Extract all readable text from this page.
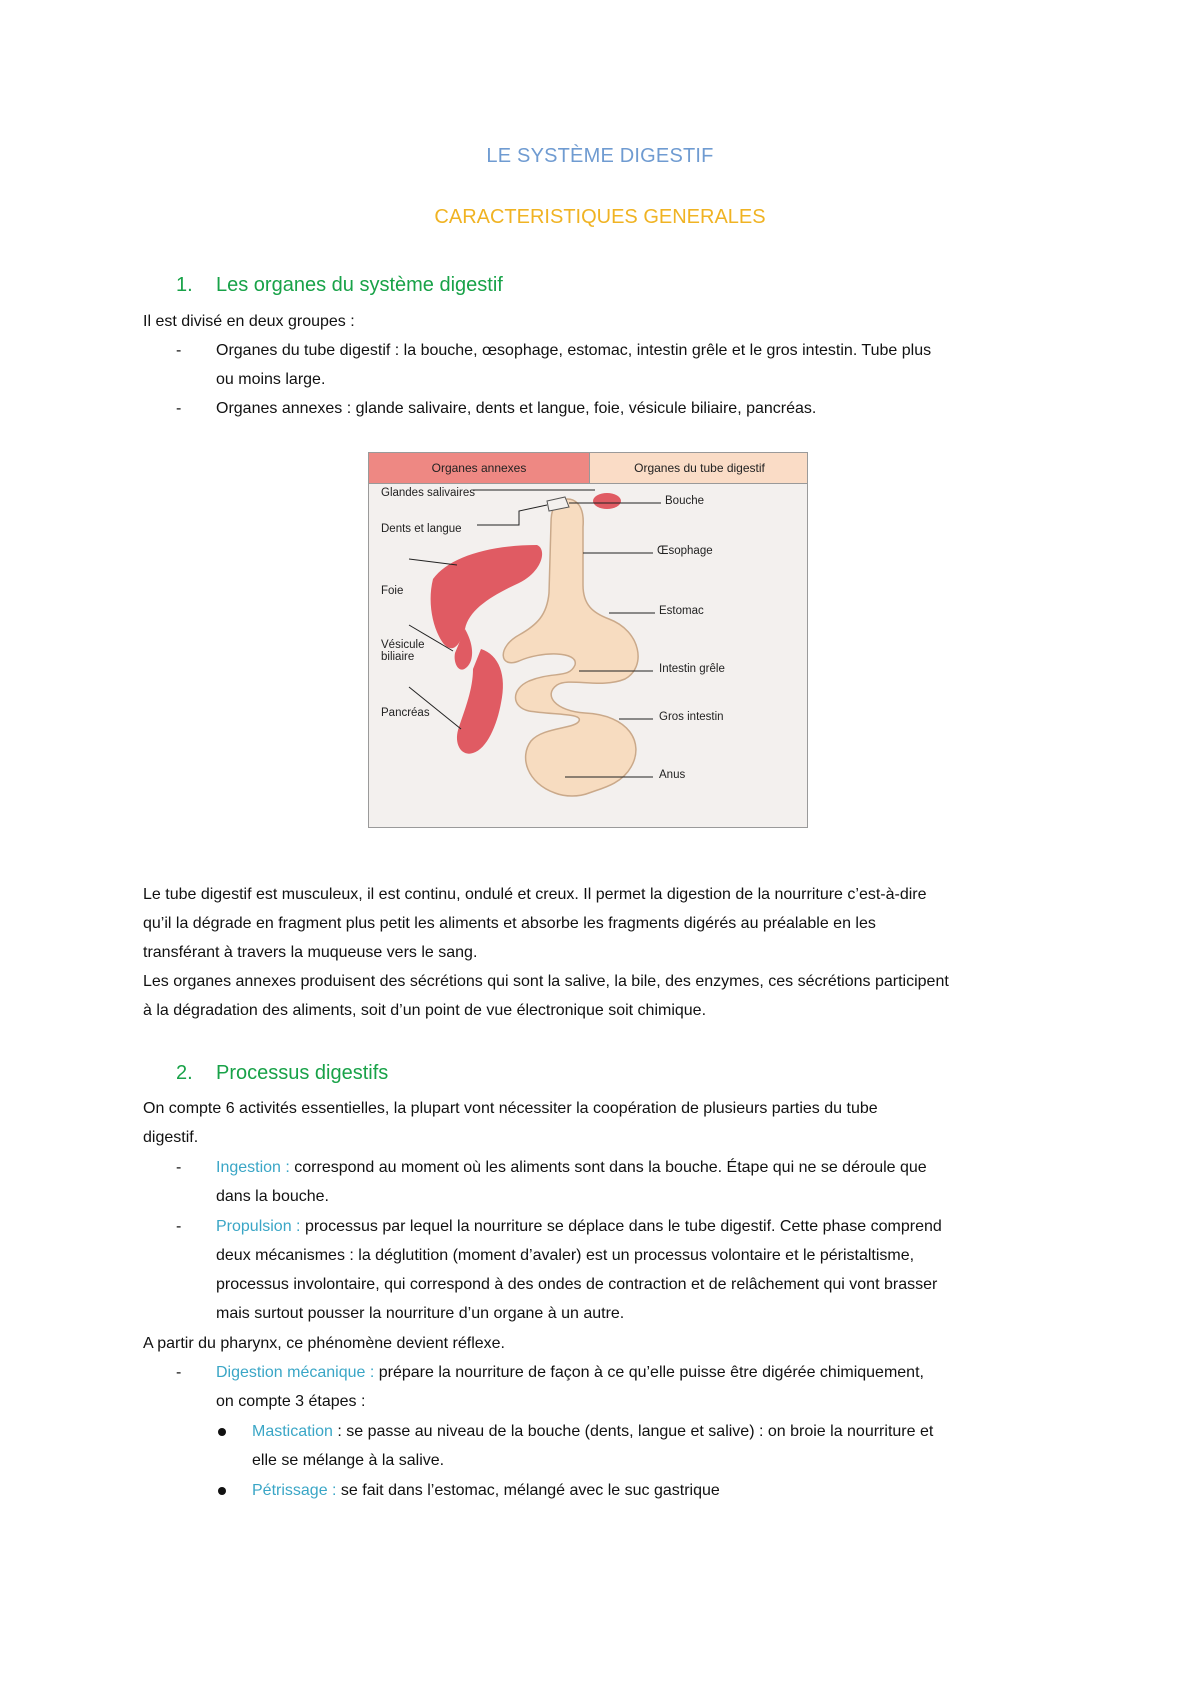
LE SYSTÈME DIGESTIF
CARACTERISTIQUES GENERALES
1. Les organes du système digestif
Il est divisé en deux groupes :
- Organes du tube digestif : la bouche, œsophage, estomac, intestin grêle et le gros intestin. Tube plus
ou moins large.
- Organes annexes : glande salivaire, dents et langue, foie, vésicule biliaire, pancréas.
Organes annexes	Organes du tube digestif
Glandes salivaires
Dents et langue
Foie
Vésicule
biliaire
Pancréas
Bouche
Œsophage
Estomac
Intestin grêle
Gros intestin
Anus
Le tube digestif est musculeux, il est continu, ondulé et creux. Il permet la digestion de la nourriture c’est-à-dire
qu’il la dégrade en fragment plus petit les aliments et absorbe les fragments digérés au préalable en les
transférant à travers la muqueuse vers le sang.
Les organes annexes produisent des sécrétions qui sont la salive, la bile, des enzymes, ces sécrétions participent
à la dégradation des aliments, soit d’un point de vue électronique soit chimique.
2. Processus digestifs
On compte 6 activités essentielles, la plupart vont nécessiter la coopération de plusieurs parties du tube
digestif.
- Ingestion : correspond au moment où les aliments sont dans la bouche. Étape qui ne se déroule que
dans la bouche.
- Propulsion : processus par lequel la nourriture se déplace dans le tube digestif. Cette phase comprend
deux mécanismes : la déglutition (moment d’avaler) est un processus volontaire et le péristaltisme,
processus involontaire, qui correspond à des ondes de contraction et de relâchement qui vont brasser
mais surtout pousser la nourriture d’un organe à un autre.
A partir du pharynx, ce phénomène devient réflexe.
- Digestion mécanique : prépare la nourriture de façon à ce qu’elle puisse être digérée chimiquement,
on compte 3 étapes :
Mastication : se passe au niveau de la bouche (dents, langue et salive) : on broie la nourriture et
elle se mélange à la salive.
Pétrissage : se fait dans l’estomac, mélangé avec le suc gastrique
